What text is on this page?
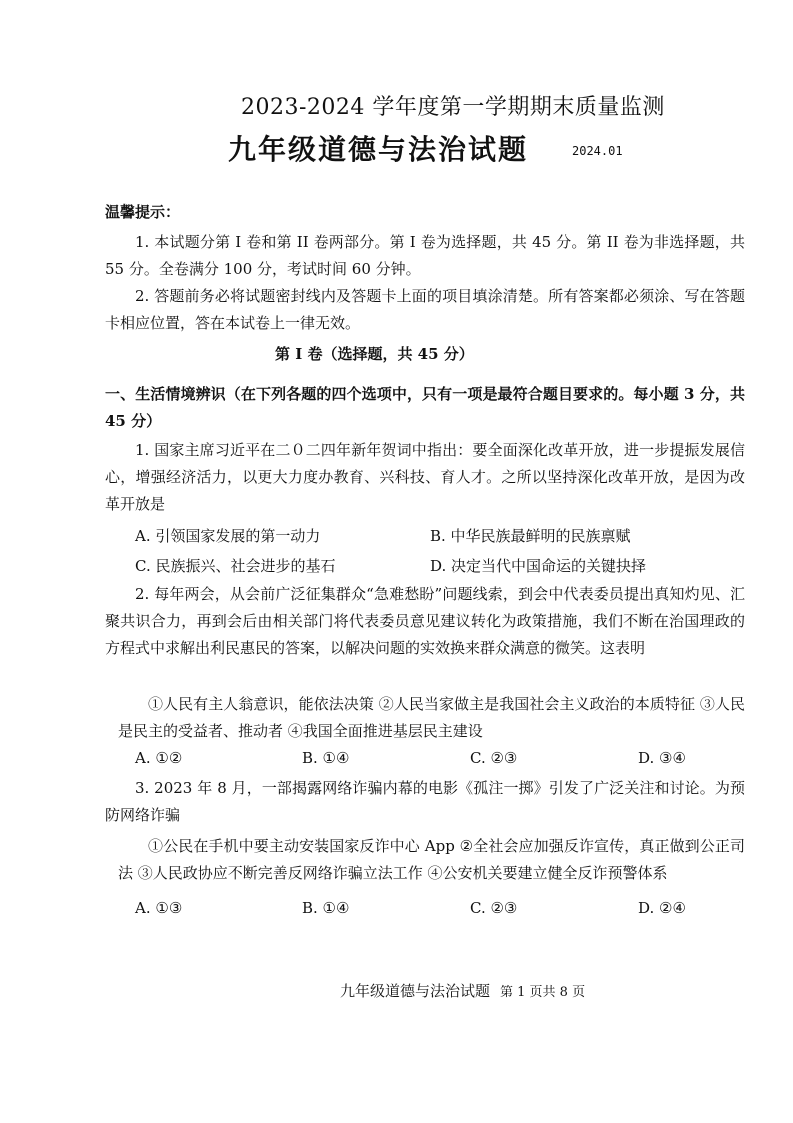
2023-2024 学年度第一学期期末质量监测
九年级道德与法治试题	2024.01
温馨提示：
1. 本试题分第 I 卷和第 II 卷两部分。第 I 卷为选择题，共 45 分。第 II 卷为非选择题，共 55 分。全卷满分 100 分，考试时间 60 分钟。
2. 答题前务必将试题密封线内及答题卡上面的项目填涂清楚。所有答案都必须涂、写在答题卡相应位置，答在本试卷上一律无效。
第 I 卷（选择题，共 45 分）
一、生活情境辨识（在下列各题的四个选项中，只有一项是最符合题目要求的。每小题 3 分，共 45 分）
1. 国家主席习近平在二０二四年新年贺词中指出：要全面深化改革开放，进一步提振发展信心，增强经济活力，以更大力度办教育、兴科技、育人才。之所以坚持深化改革开放，是因为改革开放是
A. 引领国家发展的第一动力	B. 中华民族最鲜明的民族禀赋
C. 民族振兴、社会进步的基石	D. 决定当代中国命运的关键抉择
2. 每年两会，从会前广泛征集群众“急难愁盼”问题线索，到会中代表委员提出真知灼见、汇聚共识合力，再到会后由相关部门将代表委员意见建议转化为政策措施，我们不断在治国理政的方程式中求解出利民惠民的答案，以解决问题的实效换来群众满意的微笑。这表明
①人民有主人翁意识，能依法决策 ②人民当家做主是我国社会主义政治的本质特征 ③人民是民主的受益者、推动者 ④我国全面推进基层民主建设
A. ①②	B. ①④	C. ②③	D. ③④
3. 2023 年 8 月，一部揭露网络诈骗内幕的电影《孤注一掷》引发了广泛关注和讨论。为预防网络诈骗
①公民在手机中要主动安装国家反诈中心 App ②全社会应加强反诈宣传，真正做到公正司法 ③人民政协应不断完善反网络诈骗立法工作 ④公安机关要建立健全反诈预警体系
A. ①③	B. ①④	C. ②③	D. ②④
九年级道德与法治试题 第 1 页共 8 页
